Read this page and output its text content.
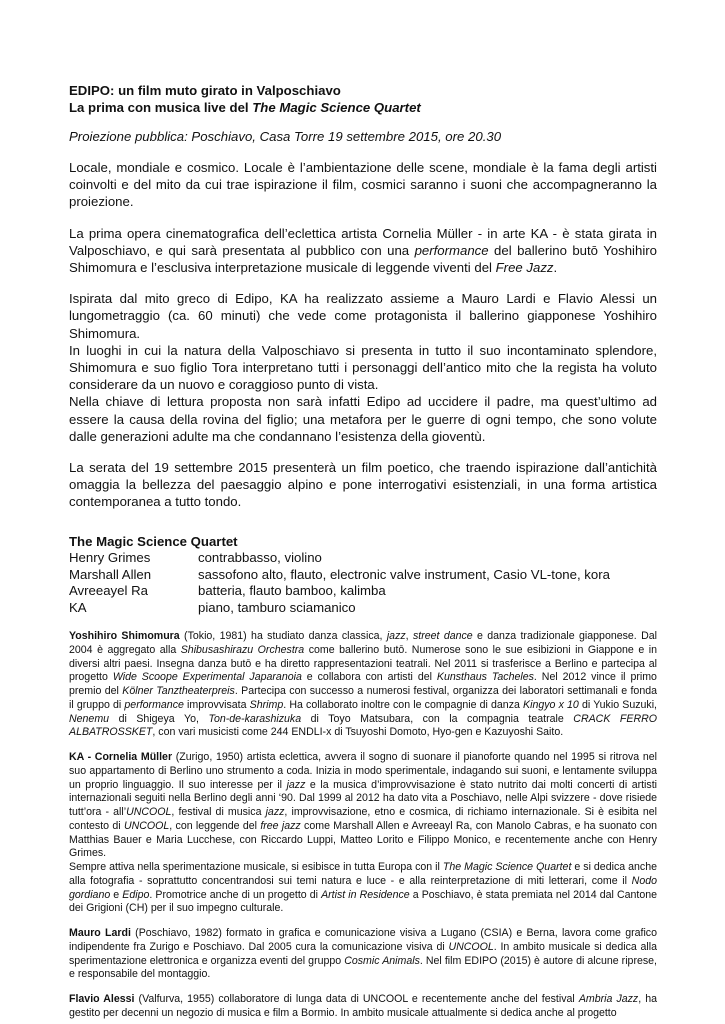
EDIPO: un film muto girato in Valposchiavo

La prima con musica live del The Magic Science Quartet

Proiezione pubblica: Poschiavo, Casa Torre 19 settembre 2015, ore 20.30

Locale, mondiale e cosmico. Locale è l’ambientazione delle scene, mondiale è la fama degli artisti coinvolti e del mito da cui trae ispirazione il film, cosmici saranno i suoni che accompagneranno la proiezione.

La prima opera cinematografica dell’eclettica artista Cornelia Müller - in arte KA - è stata girata in Valposchiavo, e qui sarà presentata al pubblico con una performance del ballerino butō Yoshihiro Shimomura e l’esclusiva interpretazione musicale di leggende viventi del Free Jazz.

Ispirata dal mito greco di Edipo, KA ha realizzato assieme a Mauro Lardi e Flavio Alessi un lungometraggio (ca. 60 minuti) che vede come protagonista il ballerino giapponese Yoshihiro Shimomura.

In luoghi in cui la natura della Valposchiavo si presenta in tutto il suo incontaminato splendore, Shimomura e suo figlio Tora interpretano tutti i personaggi dell’antico mito che la regista ha voluto considerare da un nuovo e coraggioso punto di vista.

Nella chiave di lettura proposta non sarà infatti Edipo ad uccidere il padre, ma quest’ultimo ad essere la causa della rovina del figlio; una metafora per le guerre di ogni tempo, che sono volute dalle generazioni adulte ma che condannano l’esistenza della gioventù.

La serata del 19 settembre 2015 presenterà un film poetico, che traendo ispirazione dall’antichità omaggia la bellezza del paesaggio alpino e pone interrogativi esistenziali, in una forma artistica contemporanea a tutto tondo.

The Magic Science Quartet

Henry Grimes	contrabbasso, violino
Marshall Allen	sassofono alto, flauto, electronic valve instrument, Casio VL-tone, kora
Avreeayel Ra	batteria, flauto bamboo, kalimba
KA	piano, tamburo sciamanico

Yoshihiro Shimomura (Tokio, 1981) ha studiato danza classica, jazz, street dance e danza tradizionale giapponese. Dal 2004 è aggregato alla Shibusashirazu Orchestra come ballerino butō. Numerose sono le sue esibizioni in Giappone e in diversi altri paesi. Insegna danza butō e ha diretto rappresentazioni teatrali. Nel 2011 si trasferisce a Berlino e partecipa al progetto Wide Scoope Experimental Japaranoia e collabora con artisti del Kunsthaus Tacheles. Nel 2012 vince il primo premio del Kölner Tanztheaterpreis. Partecipa con successo a numerosi festival, organizza dei laboratori settimanali e fonda il gruppo di performance improvvisata Shrimp. Ha collaborato inoltre con le compagnie di danza Kingyo x 10 di Yukio Suzuki, Nenemu di Shigeya Yo, Ton-de-karashizuka di Toyo Matsubara, con la compagnia teatrale CRACK FERRO ALBATROSSKET, con vari musicisti come 244 ENDLI-x di Tsuyoshi Domoto, Hyo-gen e Kazuyoshi Saito.

KA - Cornelia Müller (Zurigo, 1950) artista eclettica, avvera il sogno di suonare il pianoforte quando nel 1995 si ritrova nel suo appartamento di Berlino uno strumento a coda. Inizia in modo sperimentale, indagando sui suoni, e lentamente sviluppa un proprio linguaggio. Il suo interesse per il jazz e la musica d’improvvisazione è stato nutrito dai molti concerti di artisti internazionali seguiti nella Berlino degli anni ‘90. Dal 1999 al 2012 ha dato vita a Poschiavo, nelle Alpi svizzere - dove risiede tutt’ora - all’UNCOOL, festival di musica jazz, improvvisazione, etno e cosmica, di richiamo internazionale. Si è esibita nel contesto di UNCOOL, con leggende del free jazz come Marshall Allen e Avreeayl Ra, con Manolo Cabras, e ha suonato con Matthias Bauer e Maria Lucchese, con Riccardo Luppi, Matteo Lorito e Filippo Monico, e recentemente anche con Henry Grimes.

Sempre attiva nella sperimentazione musicale, si esibisce in tutta Europa con il The Magic Science Quartet e si dedica anche alla fotografia - soprattutto concentrandosi sui temi natura e luce - e alla reinterpretazione di miti letterari, come il Nodo gordiano e Edipo. Promotrice anche di un progetto di Artist in Residence a Poschiavo, è stata premiata nel 2014 dal Cantone dei Grigioni (CH) per il suo impegno culturale.

Mauro Lardi (Poschiavo, 1982) formato in grafica e comunicazione visiva a Lugano (CSIA) e Berna, lavora come grafico indipendente fra Zurigo e Poschiavo. Dal 2005 cura la comunicazione visiva di UNCOOL. In ambito musicale si dedica alla sperimentazione elettronica e organizza eventi del gruppo Cosmic Animals. Nel film EDIPO (2015) è autore di alcune riprese, e responsabile del montaggio.

Flavio Alessi (Valfurva, 1955) collaboratore di lunga data di UNCOOL e recentemente anche del festival Ambria Jazz, ha gestito per decenni un negozio di musica e film a Bormio. In ambito musicale attualmente si dedica anche al progetto
